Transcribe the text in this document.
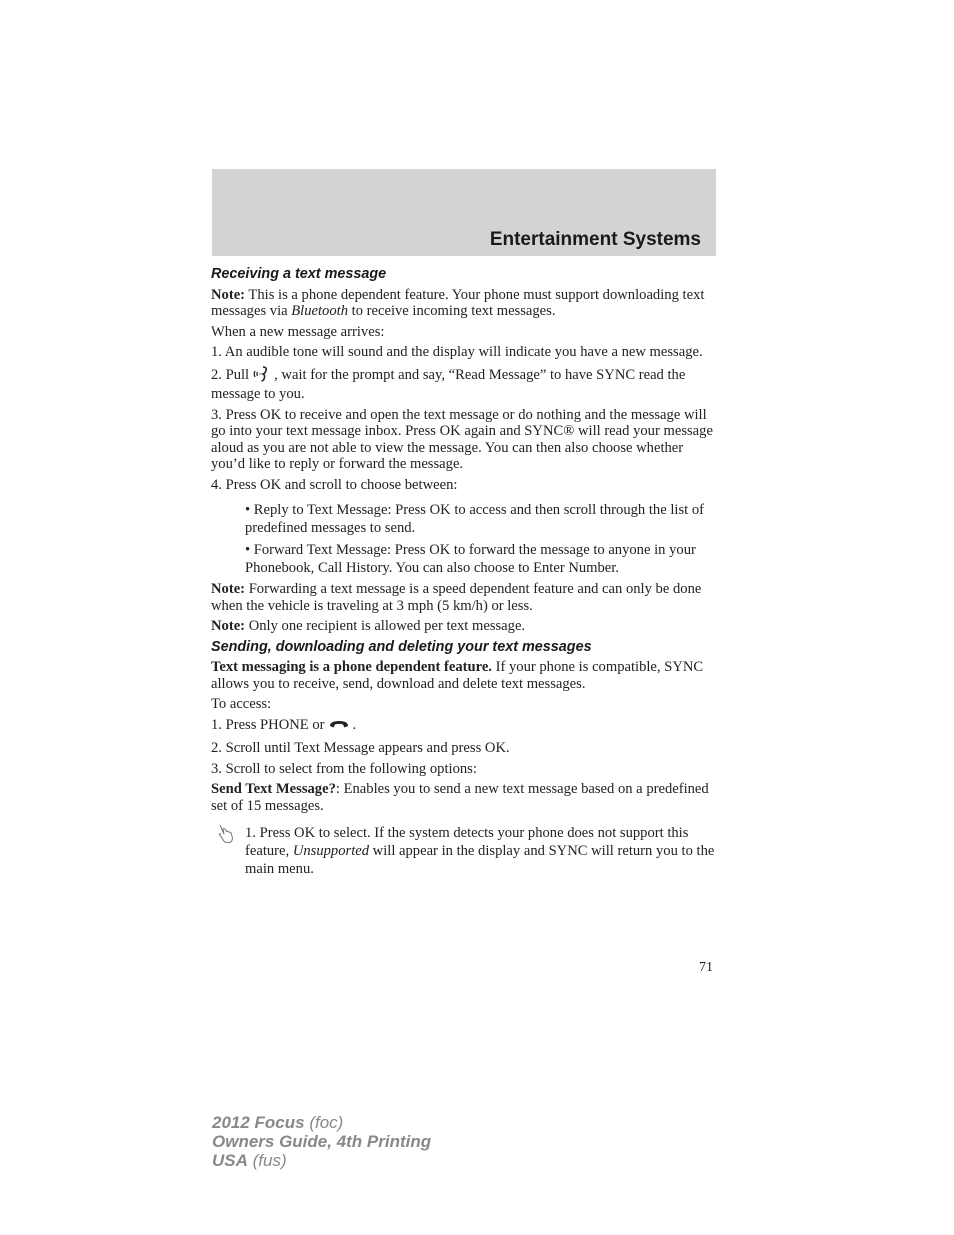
Entertainment Systems
Receiving a text message

Note: This is a phone dependent feature. Your phone must support downloading text messages via Bluetooth to receive incoming text messages.

When a new message arrives:

1. An audible tone will sound and the display will indicate you have a new message.

2. Pull , wait for the prompt and say, “Read Message” to have SYNC read the message to you.

3. Press OK to receive and open the text message or do nothing and the message will go into your text message inbox. Press OK again and SYNC® will read your message aloud as you are not able to view the message. You can then also choose whether you’d like to reply or forward the message.

4. Press OK and scroll to choose between:

• Reply to Text Message: Press OK to access and then scroll through the list of predefined messages to send.

• Forward Text Message: Press OK to forward the message to anyone in your Phonebook, Call History. You can also choose to Enter Number.

Note: Forwarding a text message is a speed dependent feature and can only be done when the vehicle is traveling at 3 mph (5 km/h) or less.

Note: Only one recipient is allowed per text message.

Sending, downloading and deleting your text messages

Text messaging is a phone dependent feature. If your phone is compatible, SYNC allows you to receive, send, download and delete text messages.

To access:

1. Press PHONE or .

2. Scroll until Text Message appears and press OK.

3. Scroll to select from the following options:

Send Text Message?: Enables you to send a new text message based on a predefined set of 15 messages.

1. Press OK to select. If the system detects your phone does not support this feature, Unsupported will appear in the display and SYNC will return you to the main menu.
71
2012 Focus (foc)
Owners Guide, 4th Printing
USA (fus)
